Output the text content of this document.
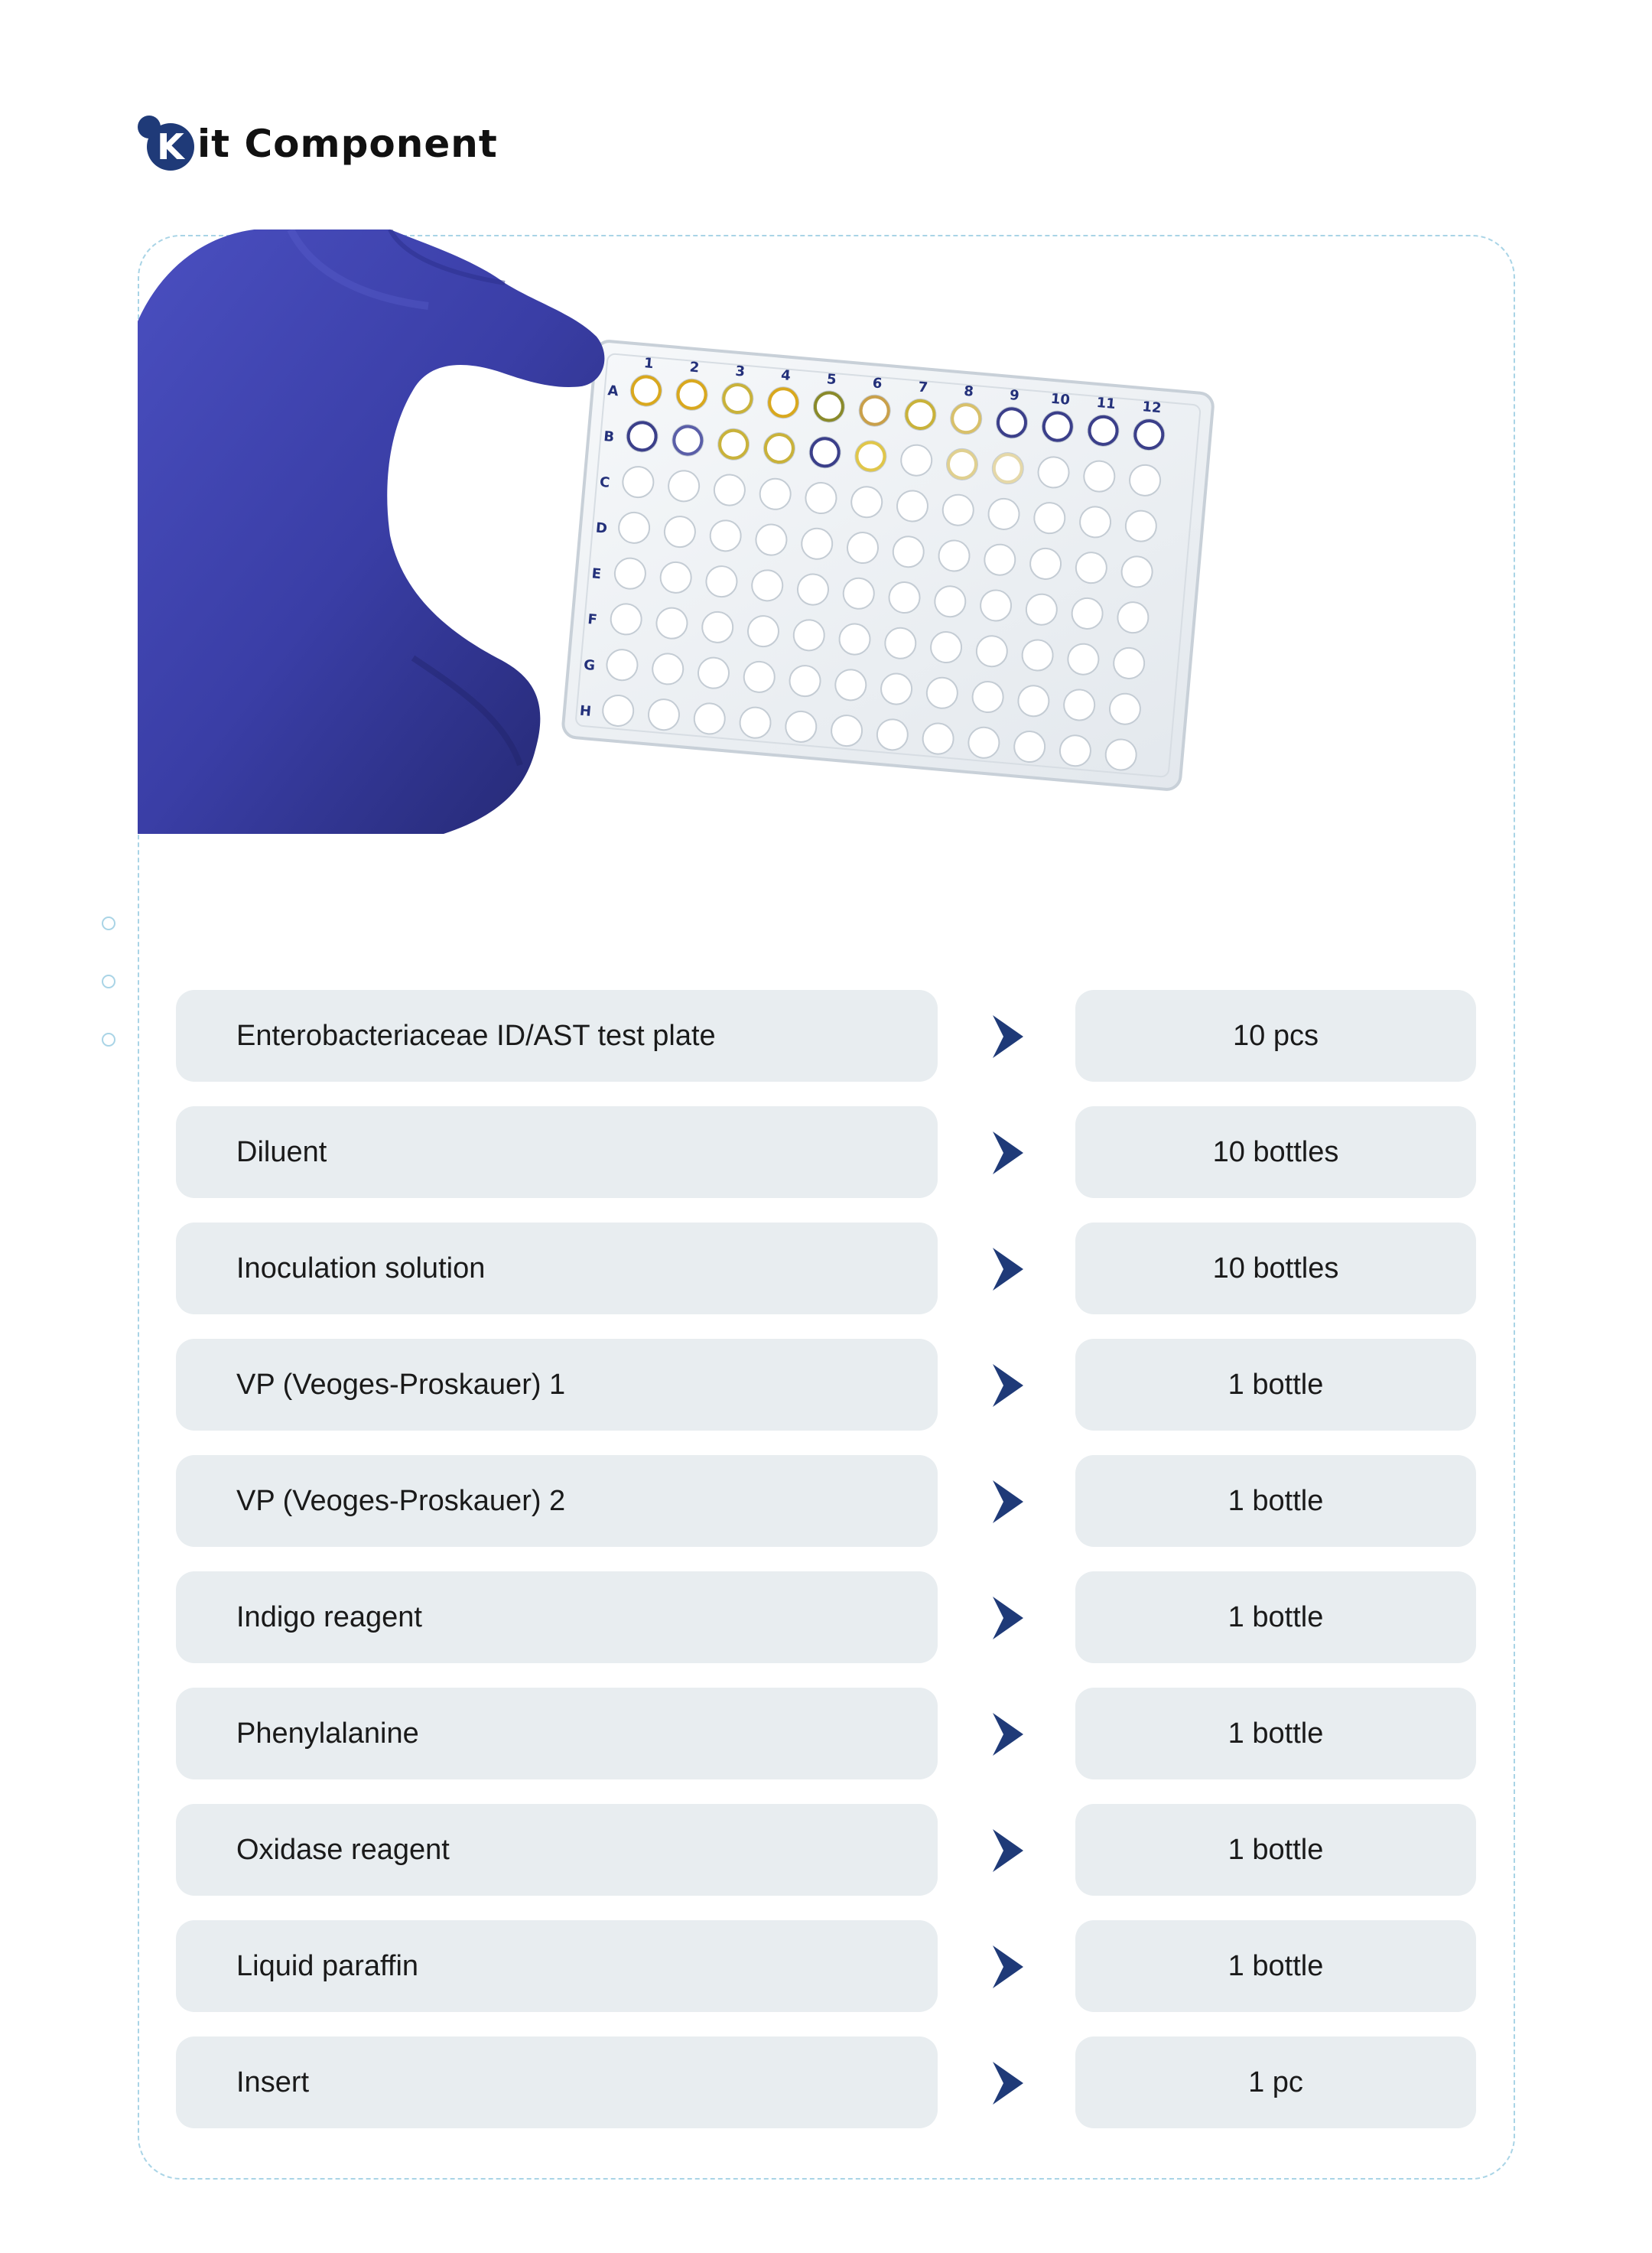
K it Component
A
B
C
D
E
F
G
H
1	2	3	4	5	6	7	8	9 10 11 12
Enterobacteriaceae ID/AST test plate	10 pcs
Diluent	10 bottles
Inoculation solution	10 bottles
VP (Veoges-Proskauer) 1	1 bottle
VP (Veoges-Proskauer) 2	1 bottle
Indigo reagent	1 bottle
Phenylalanine	1 bottle
Oxidase reagent	1 bottle
Liquid paraffin	1 bottle
Insert	1 pc
